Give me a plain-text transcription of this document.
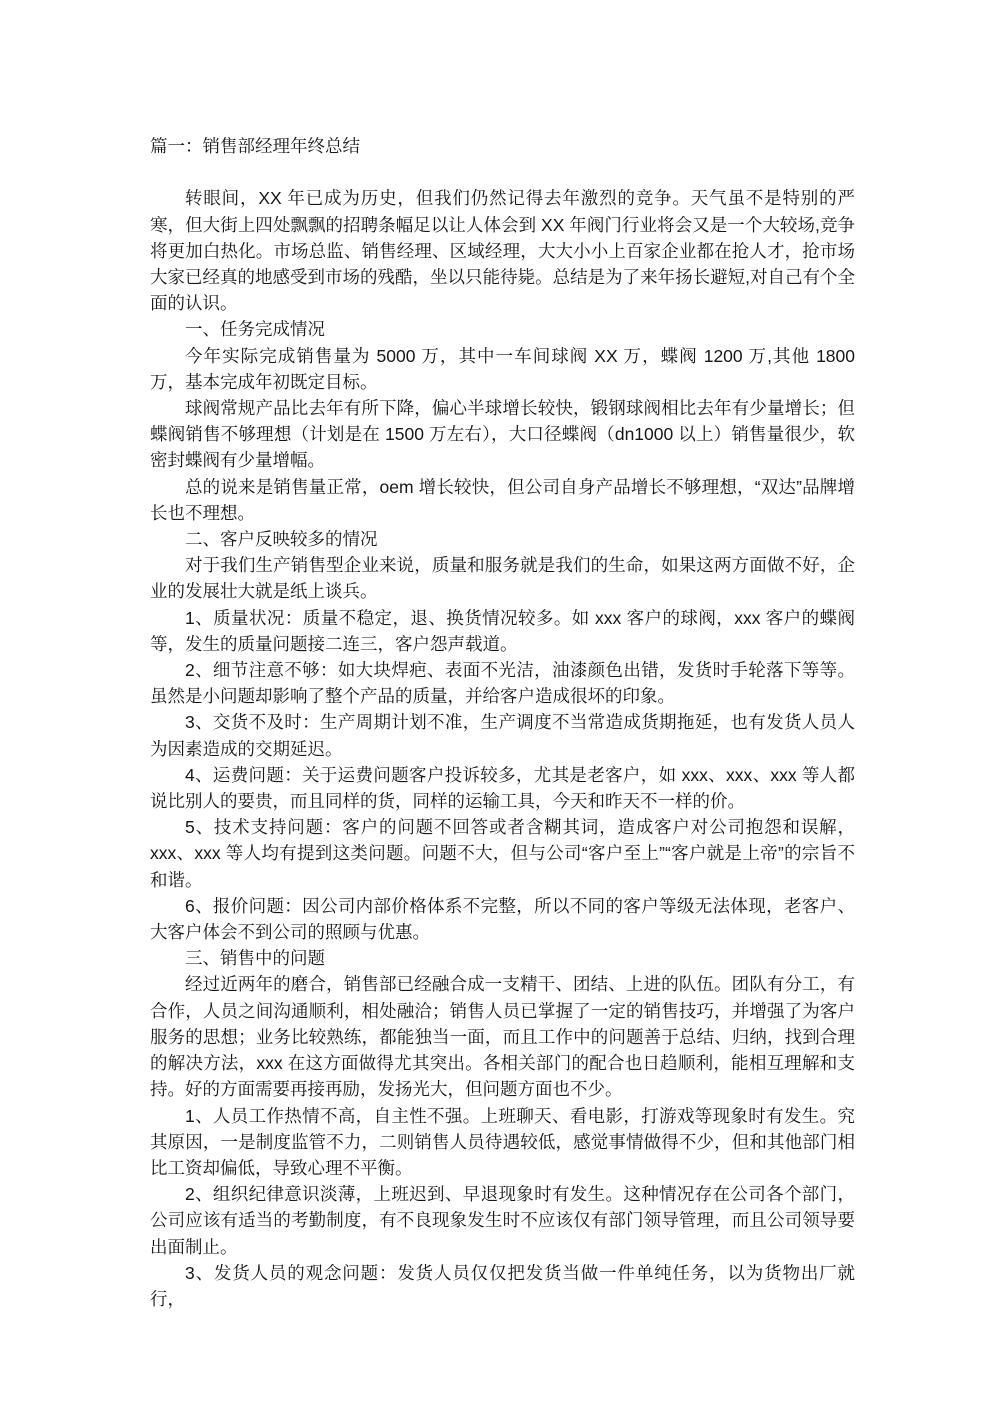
篇一：销售部经理年终总结

转眼间，XX 年已成为历史，但我们仍然记得去年激烈的竞争。天气虽不是特别的严寒，但大街上四处飘飘的招聘条幅足以让人体会到 XX 年阀门行业将会又是一个大较场,竞争将更加白热化。市场总监、销售经理、区域经理，大大小小上百家企业都在抢人才，抢市场大家已经真的地感受到市场的残酷，坐以只能待毙。总结是为了来年扬长避短,对自己有个全面的认识。

一、任务完成情况

今年实际完成销售量为 5000 万，其中一车间球阀 XX 万，蝶阀 1200 万,其他 1800 万，基本完成年初既定目标。

球阀常规产品比去年有所下降，偏心半球增长较快，锻钢球阀相比去年有少量增长；但蝶阀销售不够理想（计划是在 1500 万左右），大口径蝶阀（dn1000 以上）销售量很少，软密封蝶阀有少量增幅。

总的说来是销售量正常，oem 增长较快，但公司自身产品增长不够理想，“双达”品牌增长也不理想。

二、客户反映较多的情况

对于我们生产销售型企业来说，质量和服务就是我们的生命，如果这两方面做不好，企业的发展壮大就是纸上谈兵。

1、质量状况：质量不稳定，退、换货情况较多。如 xxx 客户的球阀，xxx 客户的蝶阀等，发生的质量问题接二连三，客户怨声载道。

2、细节注意不够：如大块焊疤、表面不光洁，油漆颜色出错，发货时手轮落下等等。虽然是小问题却影响了整个产品的质量，并给客户造成很坏的印象。

3、交货不及时：生产周期计划不准，生产调度不当常造成货期拖延，也有发货人员人为因素造成的交期延迟。

4、运费问题：关于运费问题客户投诉较多，尤其是老客户，如 xxx、xxx、xxx 等人都说比别人的要贵，而且同样的货，同样的运输工具，今天和昨天不一样的价。

5、技术支持问题：客户的问题不回答或者含糊其词，造成客户对公司抱怨和误解，xxx、xxx 等人均有提到这类问题。问题不大，但与公司“客户至上”“客户就是上帝”的宗旨不和谐。

6、报价问题：因公司内部价格体系不完整，所以不同的客户等级无法体现，老客户、大客户体会不到公司的照顾与优惠。

三、销售中的问题

经过近两年的磨合，销售部已经融合成一支精干、团结、上进的队伍。团队有分工，有合作，人员之间沟通顺利，相处融洽；销售人员已掌握了一定的销售技巧，并增强了为客户服务的思想；业务比较熟练，都能独当一面，而且工作中的问题善于总结、归纳，找到合理的解决方法，xxx 在这方面做得尤其突出。各相关部门的配合也日趋顺利，能相互理解和支持。好的方面需要再接再励，发扬光大，但问题方面也不少。

1、人员工作热情不高，自主性不强。上班聊天、看电影，打游戏等现象时有发生。究其原因，一是制度监管不力，二则销售人员待遇较低，感觉事情做得不少，但和其他部门相比工资却偏低，导致心理不平衡。

2、组织纪律意识淡薄，上班迟到、早退现象时有发生。这种情况存在公司各个部门，公司应该有适当的考勤制度，有不良现象发生时不应该仅有部门领导管理，而且公司领导要出面制止。

3、发货人员的观念问题：发货人员仅仅把发货当做一件单纯任务，以为货物出厂就行，
